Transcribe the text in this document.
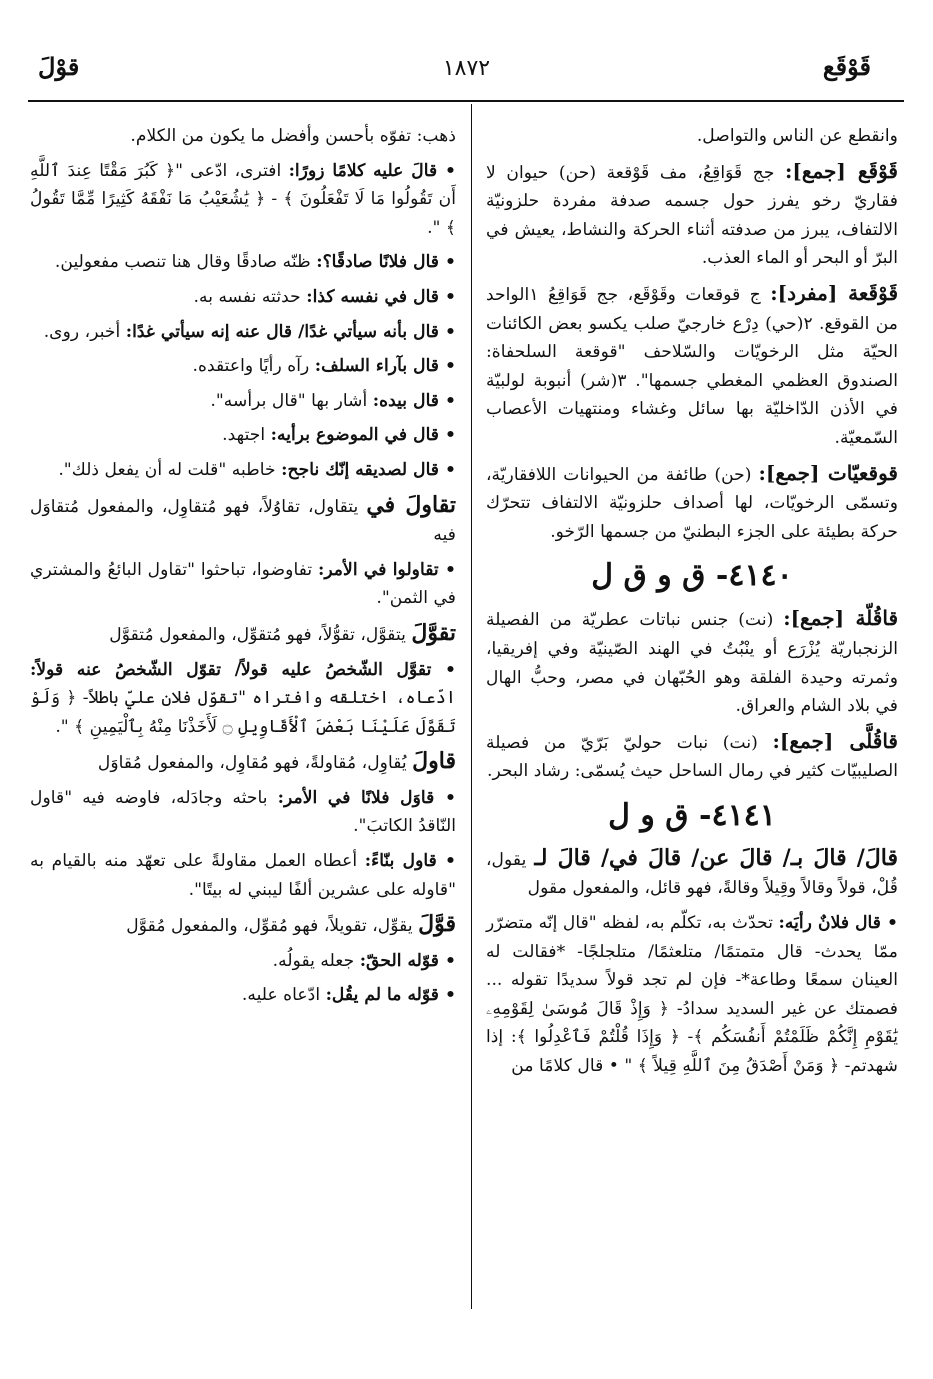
قَوْقَع
١٨٧٢
قوْلَ

وانقطع عن الناس والتواصل.

قَوْقَع [جمع]: جج قَوَاقِعُ، مف قَوْقعة (حن) حيوان لا فقاريّ رخو يفرز حول جسمه صدفة مفردة حلزونيّة الالتفاف، يبرز من صدفته أثناء الحركة والنشاط، يعيش في البرّ أو البحر أو الماء العذب.

قَوْقَعة [مفرد]: ج قوقعات وقَوْقَع، جج قَوَاقِعُ ١الواحد من القوقع. ٢(حي) دِرْع خارجيّ صلب يكسو بعض الكائنات الحيّة مثل الرخويّات والسّلاحف "قوقعة السلحفاة: الصندوق العظمي المغطي جسمها". ٣(شر) أنبوبة لولبيّة في الأذن الدّاخليّة بها سائل وغشاء ومنتهيات الأعصاب السّمعيّة.

قوقعيّات [جمع]: (حن) طائفة من الحيوانات اللافقاريّة، وتسمّى الرخويّات، لها أصداف حلزونيّة الالتفاف تتحرّك حركة بطيئة على الجزء البطنيّ من جسمها الرّخو.

٤١٤٠- ق و ق ل

قاقُلّة [جمع]: (نت) جنس نباتات عطريّة من الفصيلة الزنجباريّة يُزْرَع أو ينْبُتُ في الهند الصّينيّة وفي إفريقيا، وثمرته وحيدة الفلقة وهو الحُبّهان في مصر، وحبُّ الهال في بلاد الشام والعراق.

قاقُلَّى [جمع]: (نت) نبات حوليّ بَرّيّ من فصيلة الصليبيّات كثير في رمال الساحل حيث يُسمّى: رشاد البحر.

٤١٤١- ق و ل

قالَ/ قالَ بـ/ قالَ عن/ قالَ في/ قالَ لـ يقول، قُلْ، قولاً وقالاً وقِيلاً وقالةً، فهو قائل، والمفعول مقول

• قال فلانٌ رأيَه: تحدّث به، تكلّم به، لفظه "قال إنّه متضرّر ممّا يحدث- قال متمتمًا/ متلعثمًا/ متلجلجًا- *فقالت له العينان سمعًا وطاعة*- فإن لم تجد قولاً سديدًا تقوله ... فصمتك عن غير السديد سدادُ- ﴿ وَإِذْ قَالَ مُوسَىٰ لِقَوْمِهِۦ يَٰقَوْمِ إِنَّكُمْ ظَلَمْتُمْ أَنفُسَكُم ﴾- ﴿ وَإِذَا قُلْتُمْ فَٱعْدِلُوا ﴾: إذا شهدتم- ﴿ وَمَنْ أَصْدَقُ مِنَ ٱللَّهِ قِيلاً ﴾ " • قال كلامًا من

ذهب: تفوّه بأحسن وأفضل ما يكون من الكلام.

• قالَ عليه كلامًا زورًا: افترى، ادّعى "﴿ كَبُرَ مَقْتًا عِندَ ٱللَّهِ أَن تَقُولُوا مَا لَا تَفْعَلُونَ ﴾ - ﴿ يَٰشُعَيْبُ مَا نَفْقَهُ كَثِيرًا مِّمَّا تَقُولُ ﴾ ".

• قال فلانًا صادقًا؟: ظنّه صادقًا وقال هنا تنصب مفعولين.

• قال في نفسه كذا: حدثته نفسه به.

• قال بأنه سيأتي غدًا/ قال عنه إنه سيأتي غدًا: أخبر، روى.

• قال بآراء السلف: رآه رأيًا واعتقده.

• قال بيده: أشار بها "قال برأسه".

• قال في الموضوع برأيه: اجتهد.

• قال لصديقه إنّك ناجح: خاطبه "قلت له أن يفعل ذلك".

تقاولَ في يتقاول، تقاوُلاً، فهو مُتقاوِل، والمفعول مُتقاوَل فيه

• تقاولوا في الأمر: تفاوضوا، تباحثوا "تقاول البائعُ والمشتري في الثمن".

تقوَّلَ يتقوَّل، تقوُّلاً، فهو مُتقوِّل، والمفعول مُتقوَّل

• تقوَّل الشّخصُ عليه قولاً/ تقوّل الشّخصُ عنه قولاً: ادّعاه، اختلقه وافتراه "تقوّل فلان عليّ باطلاً- ﴿ وَلَوْ تَقَوَّلَ عَلَيْنَا بَعْضَ ٱلْأَقَاوِيلِ ۝ لَأَخَذْنَا مِنْهُ بِٱلْيَمِينِ ﴾ ".

قاولَ يُقاوِل، مُقاولةً، فهو مُقاوِل، والمفعول مُقاوَل

• قاوَل فلانًا في الأمر: باحثه وجادَله، فاوضه فيه "قاول النّاقدُ الكاتبَ".

• قاول بنّاءً: أعطاه العمل مقاولةً على تعهّد منه بالقيام به "قاوله على عشرين ألفًا ليبني له بيتًا".

قوَّلَ يقوِّل، تقويلاً، فهو مُقوِّل، والمفعول مُقوَّل

• قوّله الحقّ: جعله يقولُه.

• قوّله ما لم يقُل: ادّعاه عليه.
